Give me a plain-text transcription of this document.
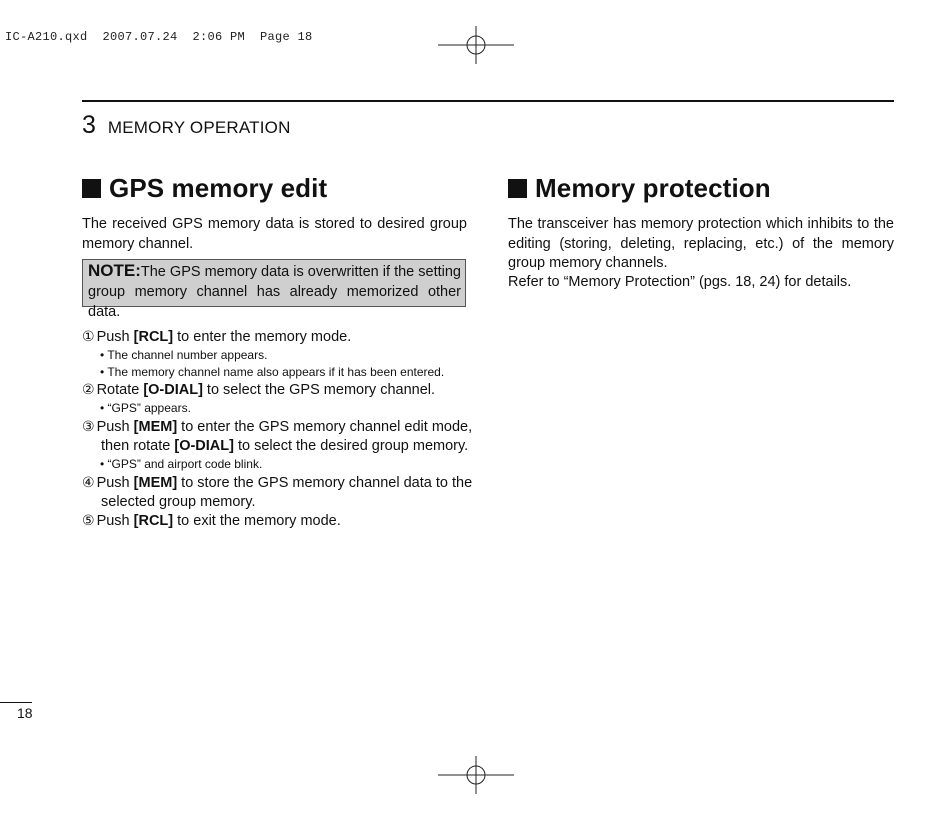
IC-A210.qxd  2007.07.24  2:06 PM  Page 18
3 MEMORY OPERATION
GPS memory edit
The received GPS memory data is stored to desired group memory channel.
NOTE:The GPS memory data is overwritten if the setting group memory channel has already memorized other data.
① Push [RCL] to enter the memory mode.
• The channel number appears.
• The memory channel name also appears if it has been entered.
② Rotate [O-DIAL] to select the GPS memory channel.
• “GPS” appears.
③ Push [MEM] to enter the GPS memory channel edit mode,
then rotate [O-DIAL] to select the desired group memory.
• “GPS” and airport code blink.
④ Push [MEM] to store the GPS memory channel data to the
selected group memory.
⑤ Push [RCL] to exit the memory mode.
Memory protection
The transceiver has memory protection which inhibits to the editing (storing, deleting, replacing, etc.) of the memory group memory channels.
Refer to “Memory Protection” (pgs. 18, 24) for details.
18
